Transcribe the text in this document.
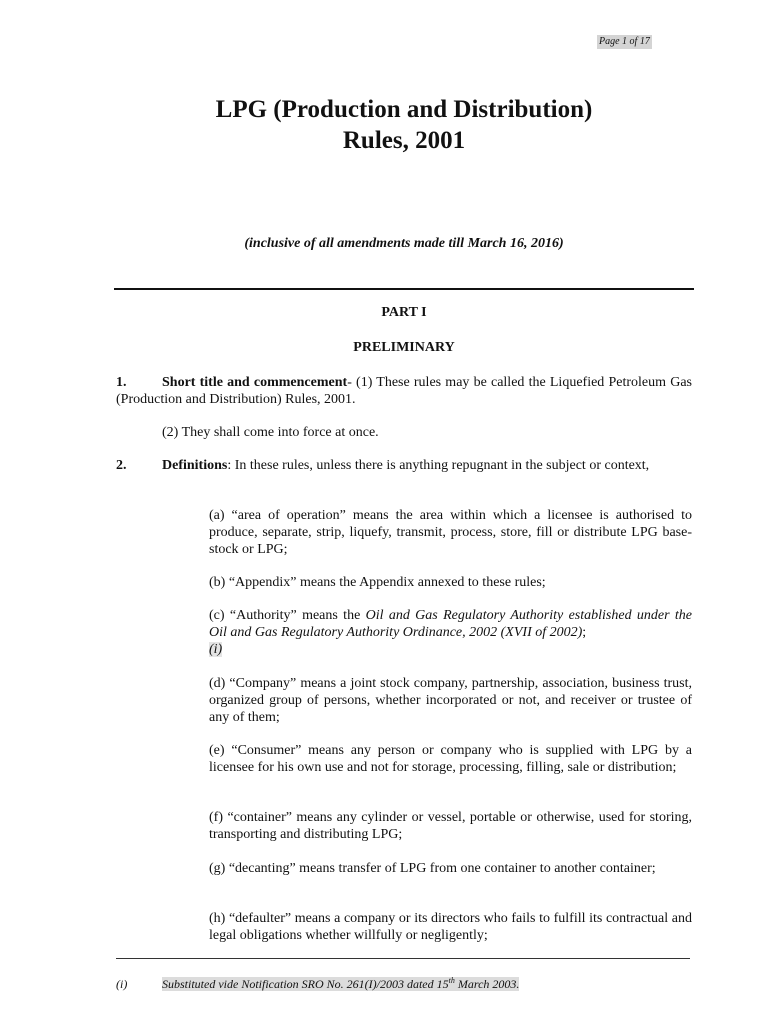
Page 1 of 17
LPG (Production and Distribution)
Rules, 2001
(inclusive of all amendments made till March 16, 2016)
PART I
PRELIMINARY
1.	Short title and commencement- (1) These rules may be called the Liquefied Petroleum Gas (Production and Distribution) Rules, 2001.
(2) They shall come into force at once.
2.	Definitions: In these rules, unless there is anything repugnant in the subject or context,
(a) “area of operation” means the area within which a licensee is authorised to produce, separate, strip, liquefy, transmit, process, store, fill or distribute LPG base-stock or LPG;
(b) “Appendix” means the Appendix annexed to these rules;
(c) “Authority” means the Oil and Gas Regulatory Authority established under the Oil and Gas Regulatory Authority Ordinance, 2002 (XVII of 2002);
(i)
(d) “Company” means a joint stock company, partnership, association, business trust, organized group of persons, whether incorporated or not, and receiver or trustee of any of them;
(e) “Consumer” means any person or company who is supplied with LPG by a licensee for his own use and not for storage, processing, filling, sale or distribution;
(f) “container” means any cylinder or vessel, portable or otherwise, used for storing, transporting and distributing LPG;
(g) “decanting” means transfer of LPG from one container to another container;
(h) “defaulter” means a company or its directors who fails to fulfill its contractual and legal obligations whether willfully or negligently;
(i)	Substituted vide Notification SRO No. 261(I)/2003 dated 15th March 2003.
